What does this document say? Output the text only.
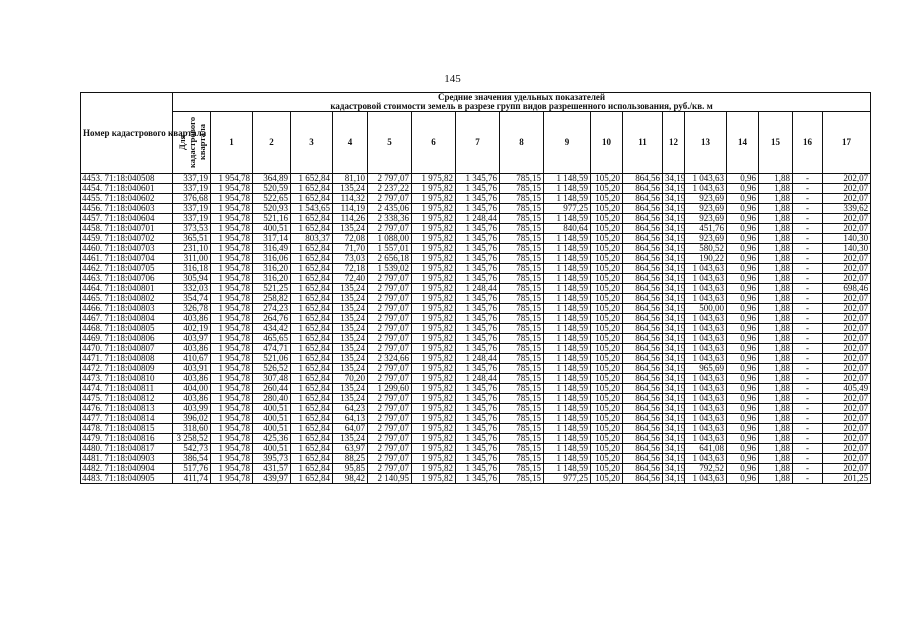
145
Номер кадастрового квартала	Средние значения удельных показателей
кадастровой стоимости земель в разрезе групп видов разрешенного использования, руб./кв. м																	

	Для кадастрового квартала	1	2	3	4	5	6	7	8	9	10	11	12	13	14	15	16	17
4453. 71:18:040508	337,19	1 954,78	364,89	1 652,84	81,10	2 797,07	1 975,82	1 345,76	785,15	1 148,59	105,20	864,56	34,19	1 043,63	0,96	1,88	-	202,07
4454. 71:18:040601	337,19	1 954,78	520,59	1 652,84	135,24	2 237,22	1 975,82	1 345,76	785,15	1 148,59	105,20	864,56	34,19	1 043,63	0,96	1,88	-	202,07
4455. 71:18:040602	376,68	1 954,78	522,65	1 652,84	114,32	2 797,07	1 975,82	1 345,76	785,15	1 148,59	105,20	864,56	34,19	923,69	0,96	1,88	-	202,07
4456. 71:18:040603	337,19	1 954,78	520,93	1 543,65	114,19	2 435,06	1 975,82	1 345,76	785,15	977,25	105,20	864,56	34,19	923,69	0,96	1,88	-	339,62
4457. 71:18:040604	337,19	1 954,78	521,16	1 652,84	114,26	2 338,36	1 975,82	1 248,44	785,15	1 148,59	105,20	864,56	34,19	923,69	0,96	1,88	-	202,07
4458. 71:18:040701	373,53	1 954,78	400,51	1 652,84	135,24	2 797,07	1 975,82	1 345,76	785,15	840,64	105,20	864,56	34,19	451,76	0,96	1,88	-	202,07
4459. 71:18:040702	365,51	1 954,78	317,14	803,37	72,08	1 088,00	1 975,82	1 345,76	785,15	1 148,59	105,20	864,56	34,19	923,69	0,96	1,88	-	140,30
4460. 71:18:040703	231,10	1 954,78	316,49	1 652,84	71,70	1 557,01	1 975,82	1 345,76	785,15	1 148,59	105,20	864,56	34,19	580,52	0,96	1,88	-	140,30
4461. 71:18:040704	311,00	1 954,78	316,06	1 652,84	73,03	2 656,18	1 975,82	1 345,76	785,15	1 148,59	105,20	864,56	34,19	190,22	0,96	1,88	-	202,07
4462. 71:18:040705	316,18	1 954,78	316,20	1 652,84	72,18	1 539,02	1 975,82	1 345,76	785,15	1 148,59	105,20	864,56	34,19	1 043,63	0,96	1,88	-	202,07
4463. 71:18:040706	305,94	1 954,78	316,20	1 652,84	72,40	2 797,07	1 975,82	1 345,76	785,15	1 148,59	105,20	864,56	34,19	1 043,63	0,96	1,88	-	202,07
4464. 71:18:040801	332,03	1 954,78	521,25	1 652,84	135,24	2 797,07	1 975,82	1 248,44	785,15	1 148,59	105,20	864,56	34,19	1 043,63	0,96	1,88	-	698,46
4465. 71:18:040802	354,74	1 954,78	258,82	1 652,84	135,24	2 797,07	1 975,82	1 345,76	785,15	1 148,59	105,20	864,56	34,19	1 043,63	0,96	1,88	-	202,07
4466. 71:18:040803	326,78	1 954,78	274,23	1 652,84	135,24	2 797,07	1 975,82	1 345,76	785,15	1 148,59	105,20	864,56	34,19	500,00	0,96	1,88	-	202,07
4467. 71:18:040804	403,86	1 954,78	264,76	1 652,84	135,24	2 797,07	1 975,82	1 345,76	785,15	1 148,59	105,20	864,56	34,19	1 043,63	0,96	1,88	-	202,07
4468. 71:18:040805	402,19	1 954,78	434,42	1 652,84	135,24	2 797,07	1 975,82	1 345,76	785,15	1 148,59	105,20	864,56	34,19	1 043,63	0,96	1,88	-	202,07
4469. 71:18:040806	403,97	1 954,78	465,65	1 652,84	135,24	2 797,07	1 975,82	1 345,76	785,15	1 148,59	105,20	864,56	34,19	1 043,63	0,96	1,88	-	202,07
4470. 71:18:040807	403,86	1 954,78	474,71	1 652,84	135,24	2 797,07	1 975,82	1 345,76	785,15	1 148,59	105,20	864,56	34,19	1 043,63	0,96	1,88	-	202,07
4471. 71:18:040808	410,67	1 954,78	521,06	1 652,84	135,24	2 324,66	1 975,82	1 248,44	785,15	1 148,59	105,20	864,56	34,19	1 043,63	0,96	1,88	-	202,07
4472. 71:18:040809	403,91	1 954,78	526,52	1 652,84	135,24	2 797,07	1 975,82	1 345,76	785,15	1 148,59	105,20	864,56	34,19	965,69	0,96	1,88	-	202,07
4473. 71:18:040810	403,86	1 954,78	307,48	1 652,84	70,20	2 797,07	1 975,82	1 248,44	785,15	1 148,59	105,20	864,56	34,19	1 043,63	0,96	1,88	-	202,07
4474. 71:18:040811	404,00	1 954,78	260,44	1 652,84	135,24	1 299,60	1 975,82	1 345,76	785,15	1 148,59	105,20	864,56	34,19	1 043,63	0,96	1,88	-	405,49
4475. 71:18:040812	403,86	1 954,78	280,40	1 652,84	135,24	2 797,07	1 975,82	1 345,76	785,15	1 148,59	105,20	864,56	34,19	1 043,63	0,96	1,88	-	202,07
4476. 71:18:040813	403,99	1 954,78	400,51	1 652,84	64,23	2 797,07	1 975,82	1 345,76	785,15	1 148,59	105,20	864,56	34,19	1 043,63	0,96	1,88	-	202,07
4477. 71:18:040814	396,02	1 954,78	400,51	1 652,84	64,13	2 797,07	1 975,82	1 345,76	785,15	1 148,59	105,20	864,56	34,19	1 043,63	0,96	1,88	-	202,07
4478. 71:18:040815	318,60	1 954,78	400,51	1 652,84	64,07	2 797,07	1 975,82	1 345,76	785,15	1 148,59	105,20	864,56	34,19	1 043,63	0,96	1,88	-	202,07
4479. 71:18:040816	3 258,52	1 954,78	425,36	1 652,84	135,24	2 797,07	1 975,82	1 345,76	785,15	1 148,59	105,20	864,56	34,19	1 043,63	0,96	1,88	-	202,07
4480. 71:18:040817	542,73	1 954,78	400,51	1 652,84	63,97	2 797,07	1 975,82	1 345,76	785,15	1 148,59	105,20	864,56	34,19	641,08	0,96	1,88	-	202,07
4481. 71:18:040903	386,54	1 954,78	395,73	1 652,84	88,25	2 797,07	1 975,82	1 345,76	785,15	1 148,59	105,20	864,56	34,19	1 043,63	0,96	1,88	-	202,07
4482. 71:18:040904	517,76	1 954,78	431,57	1 652,84	95,85	2 797,07	1 975,82	1 345,76	785,15	1 148,59	105,20	864,56	34,19	792,52	0,96	1,88	-	202,07
4483. 71:18:040905	411,74	1 954,78	439,97	1 652,84	98,42	2 140,95	1 975,82	1 345,76	785,15	977,25	105,20	864,56	34,19	1 043,63	0,96	1,88	-	201,25
